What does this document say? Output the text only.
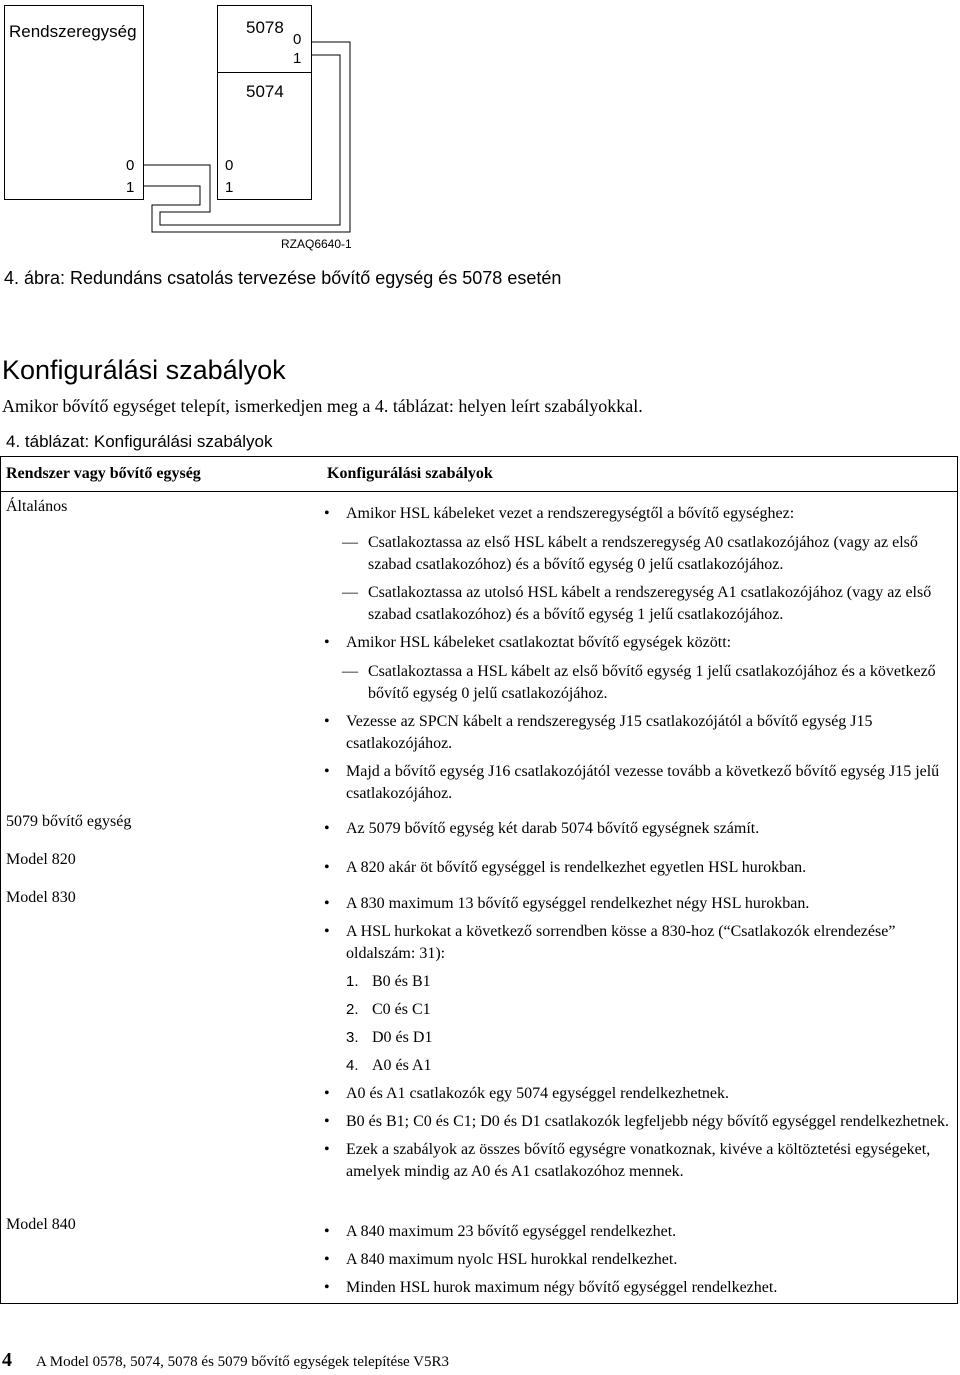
Rendszeregység	5078
0
1
5074
0
1
0
1
RZAQ6640-1
4. ábra: Redundáns csatolás tervezése bővítő egység és 5078 esetén
Konfigurálási szabályok
Amikor bővítő egységet telepít, ismerkedjen meg a 4. táblázat: helyen leírt szabályokkal.
4. táblázat: Konfigurálási szabályok
Rendszer vagy bővítő egység	Konfigurálási szabályok
Általános	• Amikor HSL kábeleket vezet a rendszeregységtől a bővítő egységhez:

— Csatlakoztassa az első HSL kábelt a rendszeregység A0 csatlakozójához (vagy az első szabad csatlakozóhoz) és a bővítő egység 0 jelű csatlakozójához.

— Csatlakoztassa az utolsó HSL kábelt a rendszeregység A1 csatlakozójához (vagy az első szabad csatlakozóhoz) és a bővítő egység 1 jelű csatlakozójához.

• Amikor HSL kábeleket csatlakoztat bővítő egységek között:

— Csatlakoztassa a HSL kábelt az első bővítő egység 1 jelű csatlakozójához és a következő bővítő egység 0 jelű csatlakozójához.

• Vezesse az SPCN kábelt a rendszeregység J15 csatlakozójától a bővítő egység J15 csatlakozójához.

• Majd a bővítő egység J16 csatlakozójától vezesse tovább a következő bővítő egység J15 jelű csatlakozójához.

5079 bővítő egység	• Az 5079 bővítő egység két darab 5074 bővítő egységnek számít.

Model 820	• A 820 akár öt bővítő egységgel is rendelkezhet egyetlen HSL hurokban.

Model 830	• A 830 maximum 13 bővítő egységgel rendelkezhet négy HSL hurokban.

• A HSL hurkokat a következő sorrendben kösse a 830-hoz (“Csatlakozók elrendezése” oldalszám: 31):

1. B0 és B1

2. C0 és C1

3. D0 és D1

4. A0 és A1

• A0 és A1 csatlakozók egy 5074 egységgel rendelkezhetnek.

• B0 és B1; C0 és C1; D0 és D1 csatlakozók legfeljebb négy bővítő egységgel rendelkezhetnek.

• Ezek a szabályok az összes bővítő egységre vonatkoznak, kivéve a költöztetési egységeket, amelyek mindig az A0 és A1 csatlakozóhoz mennek.

Model 840	• A 840 maximum 23 bővítő egységgel rendelkezhet.

• A 840 maximum nyolc HSL hurokkal rendelkezhet.

• Minden HSL hurok maximum négy bővítő egységgel rendelkezhet.

4 A Model 0578, 5074, 5078 és 5079 bővítő egységek telepítése V5R3
